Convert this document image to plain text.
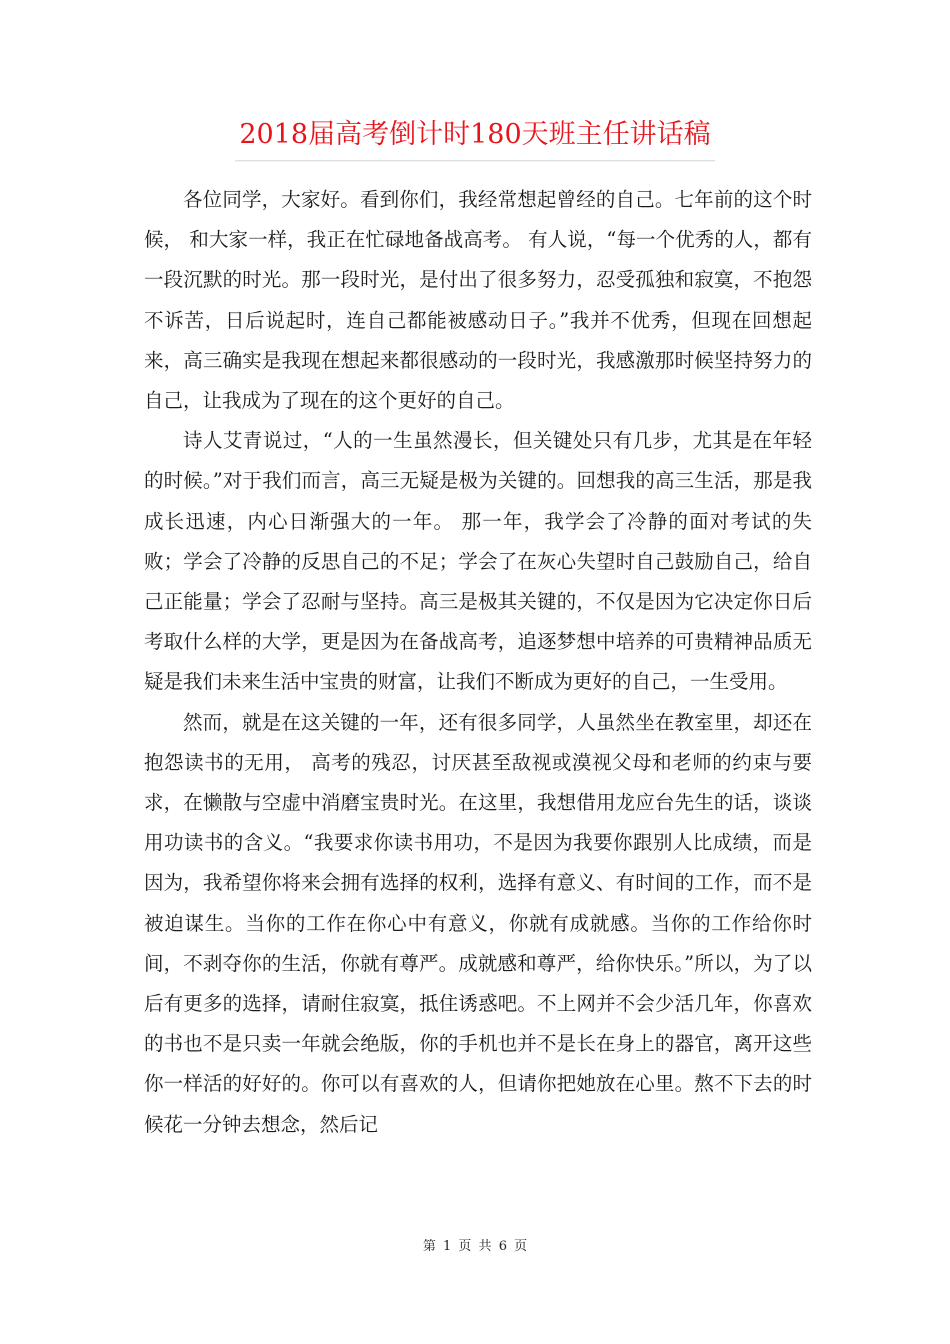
2018届高考倒计时180天班主任讲话稿

各位同学，大家好。看到你们，我经常想起曾经的自己。七年前的这个时候， 和大家一样，我正在忙碌地备战高考。 有人说，“每一个优秀的人，都有一段沉默的时光。那一段时光，是付出了很多努力，忍受孤独和寂寞，不抱怨不诉苦，日后说起时，连自己都能被感动日子。”我并不优秀，但现在回想起来，高三确实是我现在想起来都很感动的一段时光，我感激那时候坚持努力的自己，让我成为了现在的这个更好的自己。

诗人艾青说过，“人的一生虽然漫长，但关键处只有几步，尤其是在年轻的时候。”对于我们而言，高三无疑是极为关键的。回想我的高三生活，那是我成长迅速，内心日渐强大的一年。 那一年，我学会了冷静的面对考试的失败；学会了冷静的反思自己的不足；学会了在灰心失望时自己鼓励自己，给自己正能量；学会了忍耐与坚持。高三是极其关键的，不仅是因为它决定你日后考取什么样的大学，更是因为在备战高考，追逐梦想中培养的可贵精神品质无疑是我们未来生活中宝贵的财富，让我们不断成为更好的自己，一生受用。

然而，就是在这关键的一年，还有很多同学，人虽然坐在教室里，却还在抱怨读书的无用， 高考的残忍，讨厌甚至敌视或漠视父母和老师的约束与要求，在懒散与空虚中消磨宝贵时光。在这里，我想借用龙应台先生的话，谈谈用功读书的含义。“我要求你读书用功，不是因为我要你跟别人比成绩，而是因为，我希望你将来会拥有选择的权利，选择有意义、有时间的工作，而不是被迫谋生。当你的工作在你心中有意义，你就有成就感。当你的工作给你时间，不剥夺你的生活，你就有尊严。成就感和尊严，给你快乐。”所以，为了以后有更多的选择，请耐住寂寞，抵住诱惑吧。不上网并不会少活几年，你喜欢的书也不是只卖一年就会绝版，你的手机也并不是长在身上的器官，离开这些你一样活的好好的。你可以有喜欢的人，但请你把她放在心里。熬不下去的时候花一分钟去想念，然后记

第 1 页 共 6 页
